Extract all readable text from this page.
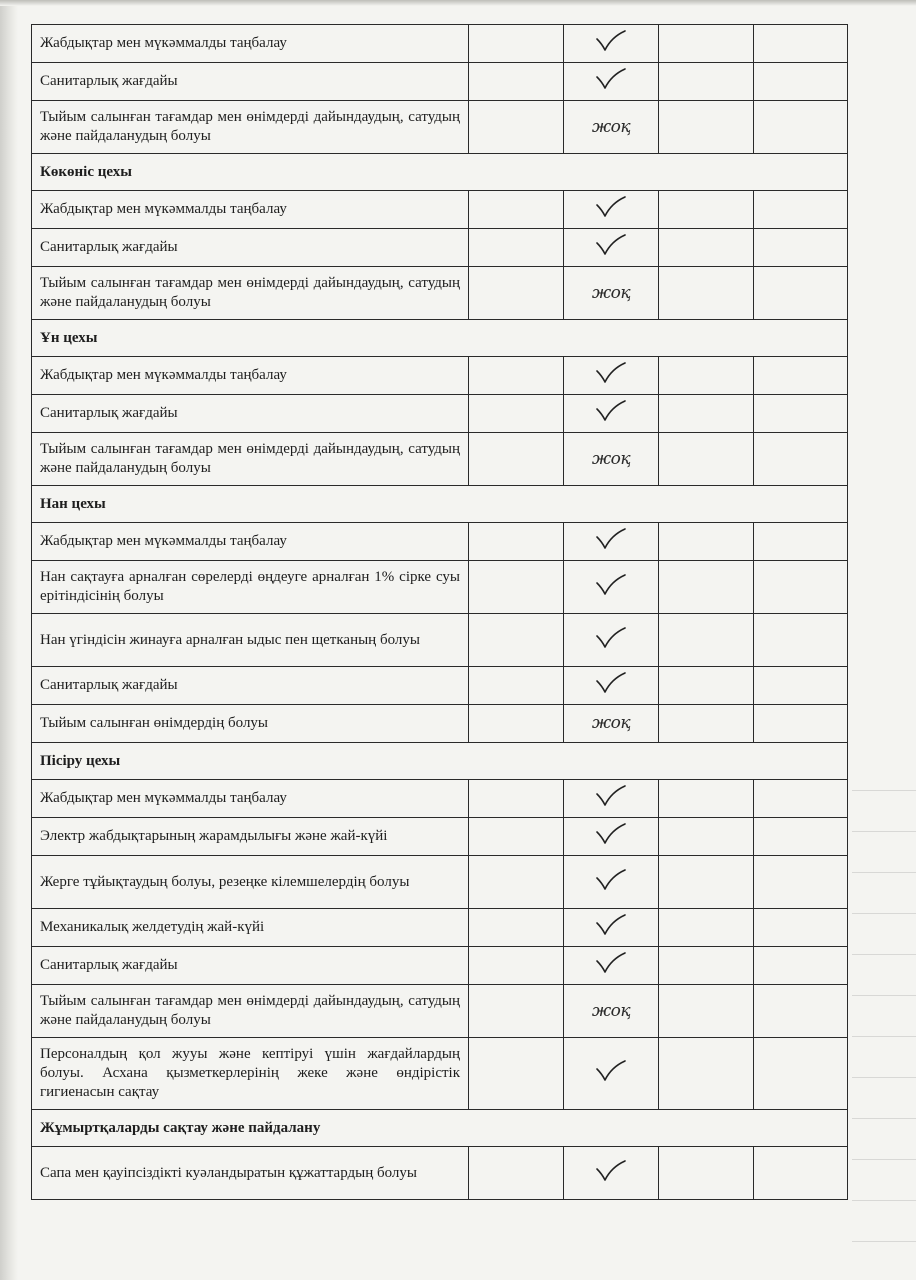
Жабдықтар мен мүкәммалды таңбалау				
Санитарлық жағдайы				
Тыйым салынған тағамдар мен өнімдерді дайындаудың, сатудың және пайдаланудың болуы		жоқ		
Көкөніс цехы				
Жабдықтар мен мүкәммалды таңбалау				
Санитарлық жағдайы				
Тыйым салынған тағамдар мен өнімдерді дайындаудың, сатудың және пайдаланудың болуы		жоқ		
Ұн цехы				
Жабдықтар мен мүкәммалды таңбалау				
Санитарлық жағдайы				
Тыйым салынған тағамдар мен өнімдерді дайындаудың, сатудың және пайдаланудың болуы		жоқ		
Нан цехы				
Жабдықтар мен мүкәммалды таңбалау				
Нан сақтауға арналған сөрелерді өңдеуге арналған 1% сірке суы ерітіндісінің болуы				
Нан үгіндісін жинауға арналған ыдыс пен щетканың болуы				
Санитарлық жағдайы				
Тыйым салынған өнімдердің болуы		жоқ		
Пісіру цехы				
Жабдықтар мен мүкәммалды таңбалау				
Электр жабдықтарының жарамдылығы және жай-күйі				
Жерге тұйықтаудың болуы, резеңке кілемшелердің болуы				
Механикалық желдетудің жай-күйі				
Санитарлық жағдайы				
Тыйым салынған тағамдар мен өнімдерді дайындаудың, сатудың және пайдаланудың болуы		жоқ		
Персоналдың қол жууы және кептіруі үшін жағдайлардың болуы. Асхана қызметкерлерінің жеке және өндірістік гигиенасын сақтау				
Жұмыртқаларды сақтау және пайдалану				
Сапа мен қауіпсіздікті куәландыратын құжаттардың болуы				
